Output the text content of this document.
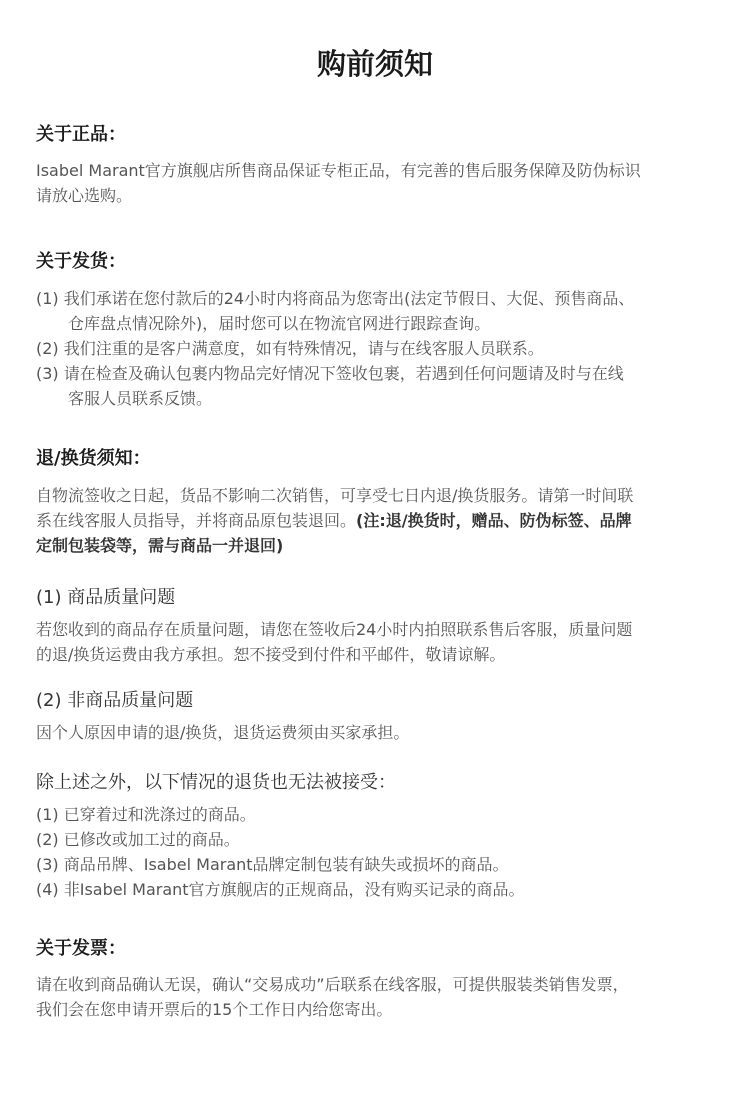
购前须知
关于正品：
Isabel Marant官方旗舰店所售商品保证专柜正品，有完善的售后服务保障及防伪标识
请放心选购。
关于发货：
(1) 我们承诺在您付款后的24小时内将商品为您寄出(法定节假日、大促、预售商品、
仓库盘点情况除外)，届时您可以在物流官网进行跟踪查询。
(2) 我们注重的是客户满意度，如有特殊情况，请与在线客服人员联系。
(3) 请在检查及确认包裹内物品完好情况下签收包裹，若遇到任何问题请及时与在线
客服人员联系反馈。
退/换货须知：
自物流签收之日起，货品不影响二次销售，可享受七日内退/换货服务。请第一时间联
系在线客服人员指导，并将商品原包装退回。(注:退/换货时，赠品、防伪标签、品牌
定制包装袋等，需与商品一并退回)
(1) 商品质量问题
若您收到的商品存在质量问题，请您在签收后24小时内拍照联系售后客服，质量问题
的退/换货运费由我方承担。恕不接受到付件和平邮件，敬请谅解。
(2) 非商品质量问题
因个人原因申请的退/换货，退货运费须由买家承担。
除上述之外，以下情况的退货也无法被接受：
(1) 已穿着过和洗涤过的商品。
(2) 已修改或加工过的商品。
(3) 商品吊牌、Isabel Marant品牌定制包装有缺失或损坏的商品。
(4) 非Isabel Marant官方旗舰店的正规商品，没有购买记录的商品。
关于发票：
请在收到商品确认无误，确认“交易成功”后联系在线客服，可提供服装类销售发票，
我们会在您申请开票后的15个工作日内给您寄出。
